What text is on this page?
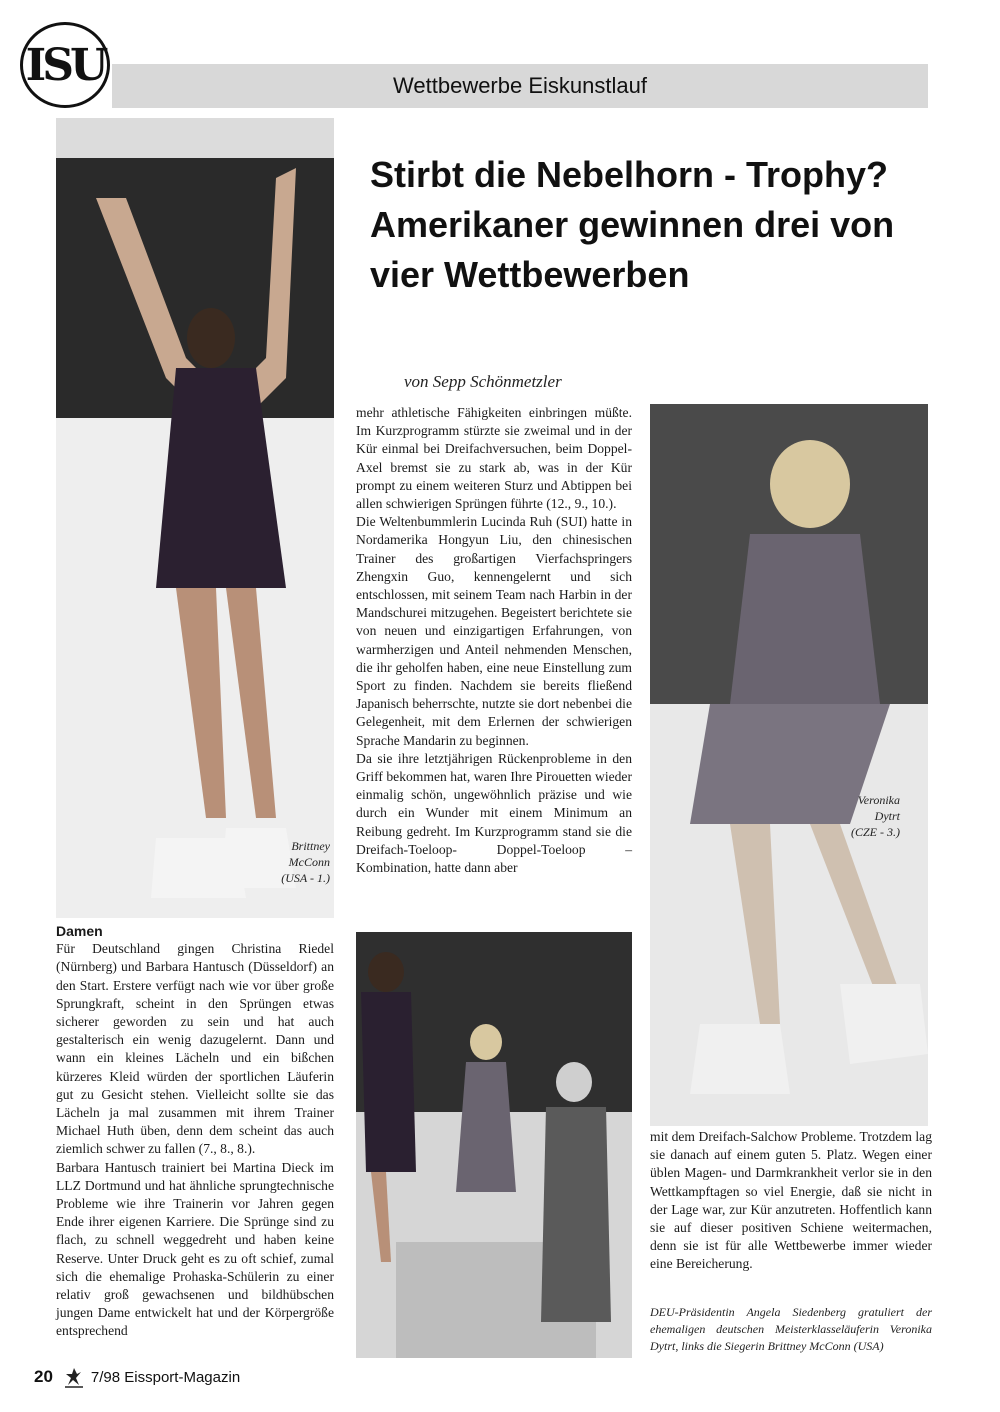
ISU	Wettbewerbe Eiskunstlauf
Stirbt die Nebelhorn - Trophy? Amerikaner gewinnen drei von vier Wettbewerben
von Sepp Schönmetzler
Brittney
McConn
(USA - 1.)
Veronika
Dytrt
(CZE - 3.)
Damen

Für Deutschland gingen Christina Riedel (Nürnberg) und Barbara Hantusch (Düsseldorf) an den Start. Erstere verfügt nach wie vor über große Sprungkraft, scheint in den Sprüngen etwas sicherer geworden zu sein und hat auch gestalterisch ein wenig dazugelernt. Dann und wann ein kleines Lächeln und ein bißchen kürzeres Kleid würden der sportlichen Läuferin gut zu Gesicht stehen. Vielleicht sollte sie das Lächeln ja mal zusammen mit ihrem Trainer Michael Huth üben, denn dem scheint das auch ziemlich schwer zu fallen (7., 8., 8.).

Barbara Hantusch trainiert bei Martina Dieck im LLZ Dortmund und hat ähnliche sprungtechnische Probleme wie ihre Trainerin vor Jahren gegen Ende ihrer eigenen Karriere. Die Sprünge sind zu flach, zu schnell weggedreht und haben keine Reserve. Unter Druck geht es zu oft schief, zumal sich die ehemalige Prohaska-Schülerin zu einer relativ groß gewachsenen und bildhübschen jungen Dame entwickelt hat und der Körpergröße entsprechend

mehr athletische Fähigkeiten einbringen müßte. Im Kurzprogramm stürzte sie zweimal und in der Kür einmal bei Dreifachversuchen, beim Doppel-Axel bremst sie zu stark ab, was in der Kür prompt zu einem weiteren Sturz und Abtippen bei allen schwierigen Sprüngen führte (12., 9., 10.).

Die Weltenbummlerin Lucinda Ruh (SUI) hatte in Nordamerika Hongyun Liu, den chinesischen Trainer des großartigen Vierfachspringers Zhengxin Guo, kennengelernt und sich entschlossen, mit seinem Team nach Harbin in der Mandschurei mitzugehen. Begeistert berichtete sie von neuen und einzigartigen Erfahrungen, von warmherzigen und Anteil nehmenden Menschen, die ihr geholfen haben, eine neue Einstellung zum Sport zu finden. Nachdem sie bereits fließend Japanisch beherrschte, nutzte sie dort nebenbei die Gelegenheit, mit dem Erlernen der schwierigen Sprache Mandarin zu beginnen.

Da sie ihre letztjährigen Rückenprobleme in den Griff bekommen hat, waren Ihre Pirouetten wieder einmalig schön, ungewöhnlich präzise und wie durch ein Wunder mit einem Minimum an Reibung gedreht. Im Kurzprogramm stand sie die Dreifach-Toeloop- Doppel-Toeloop – Kombination, hatte dann aber

mit dem Dreifach-Salchow Probleme. Trotzdem lag sie danach auf einem guten 5. Platz. Wegen einer üblen Magen- und Darmkrankheit verlor sie in den Wettkampftagen so viel Energie, daß sie nicht in der Lage war, zur Kür anzutreten. Hoffentlich kann sie auf dieser positiven Schiene weitermachen, denn sie ist für alle Wettbewerbe immer wieder eine Bereicherung.

DEU-Präsidentin Angela Siedenberg gratuliert der ehemaligen deutschen Meisterklasseläuferin Veronika Dytrt, links die Siegerin Brittney McConn (USA)
20	7/98 Eissport-Magazin
